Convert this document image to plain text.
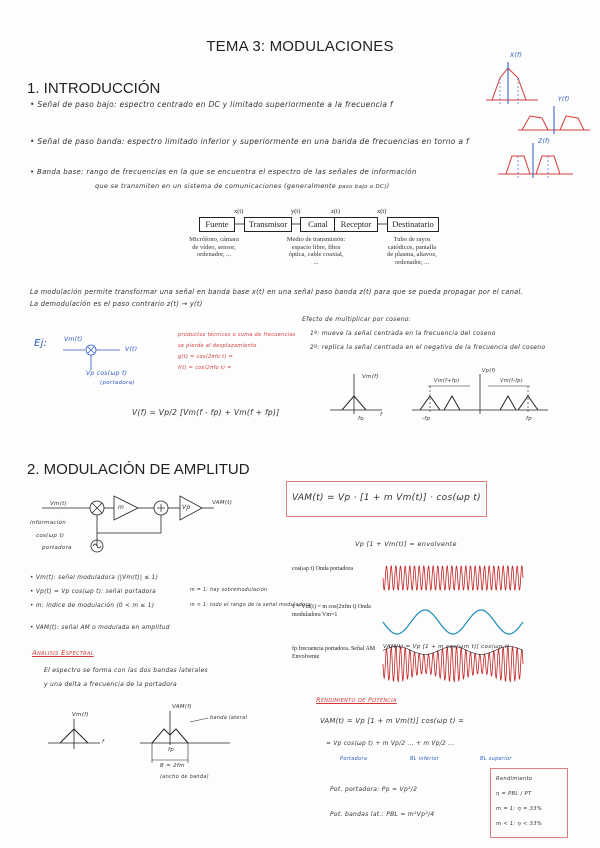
TEMA 3: MODULACIONES
1. INTRODUCCIÓN
• Señal de paso bajo: espectro centrado en DC y limitado superiormente a la frecuencia f
• Señal de paso banda: espectro limitado inferior y superiormente en una banda de frecuencias en torno a f
• Banda base: rango de frecuencias en la que se encuentra el espectro de las señales de información
que se transmiten en un sistema de comunicaciones (generalmente paso bajo o DC))
X(f)
Y(f)
Z(f)
Fuente	Transmisor	Canal	Receptor	Destinatario
x(t)	y(t)	z(t)	x(t)
Micrófono, cámara de vídeo, sensor, ordenador, ...
Medio de transmisión: espacio libre, fibra óptica, cable coaxial, ...
Tubo de rayos catódicos, pantalla de plasma, altavoz, ordenador, ...
La modulación permite transformar una señal en banda base x(t) en una señal paso banda z(t) para que se pueda propagar por el canal.
La demodulación es el paso contrario z(t) → y(t)
Ej:	Vm(t)
V(t)
Vp cos(ωp t)
(portadora)
productos técnicos o suma de frecuencias
se pierde al desplazamiento
g(t) = cos(2πfo t) =
f(t) = cos(2πfo t) =
V(f) = Vp/2 [Vm(f - fp) + Vm(f + fp)]
Efecto de multiplicar por coseno:
1º: mueve la señal centrada en la frecuencia del coseno
2º: replica la señal centrada en el negativo de la frecuencia del coseno
Vm(f)
f
fo
Vm(f+fp)	Vm(f-fp)
Vp(f)
-fp	fp
2. MODULACIÓN DE AMPLITUD
Vm(t)
información
cos(ωp t)
portadora
m	Vp
VAM(t)	VAM(t) = Vp · [1 + m Vm(t)] · cos(ωp t)
Vp [1 + Vm(t)] = envolvente
• Vm(t): señal moduladora (|Vm(t)| ≤ 1)
• Vp(t) = Vp cos(ωp t): señal portadora
• m: índice de modulación (0 < m ≤ 1)
• VAM(t): señal AM o modulada en amplitud
m = 1: hay sobremodulación
m < 1: todo el rango de la señal moduladora
cos(ωp t) Onda portadora
1 + Vm(t) = m cos(2πfm t) Onda moduladora Vm=1
fp frecuencia portadora. Señal AM Envolvente
VAM(t) = Vp [1 + m cos(ωm t)] cos(ωp t)
Análisis Espectral
El espectro se forma con las dos bandas laterales
y una delta a frecuencia de la portadora
Vm(f)
f
VAM(f)
banda lateral
fp
B = 2fm
(ancho de banda)
Rendimiento de Potencia
VAM(t) = Vp [1 + m Vm(t)] cos(ωp t) =
= Vp cos(ωp t) + m Vp/2 ... + m Vp/2 ...
Portadora	BL inferior	BL superior
Pot. portadora: Pp = Vp²/2
Pot. bandas lat.: PBL = m²Vp²/4
Rendimiento
η = PBL / PT
m = 1: η = 33%
m < 1: η < 33%
